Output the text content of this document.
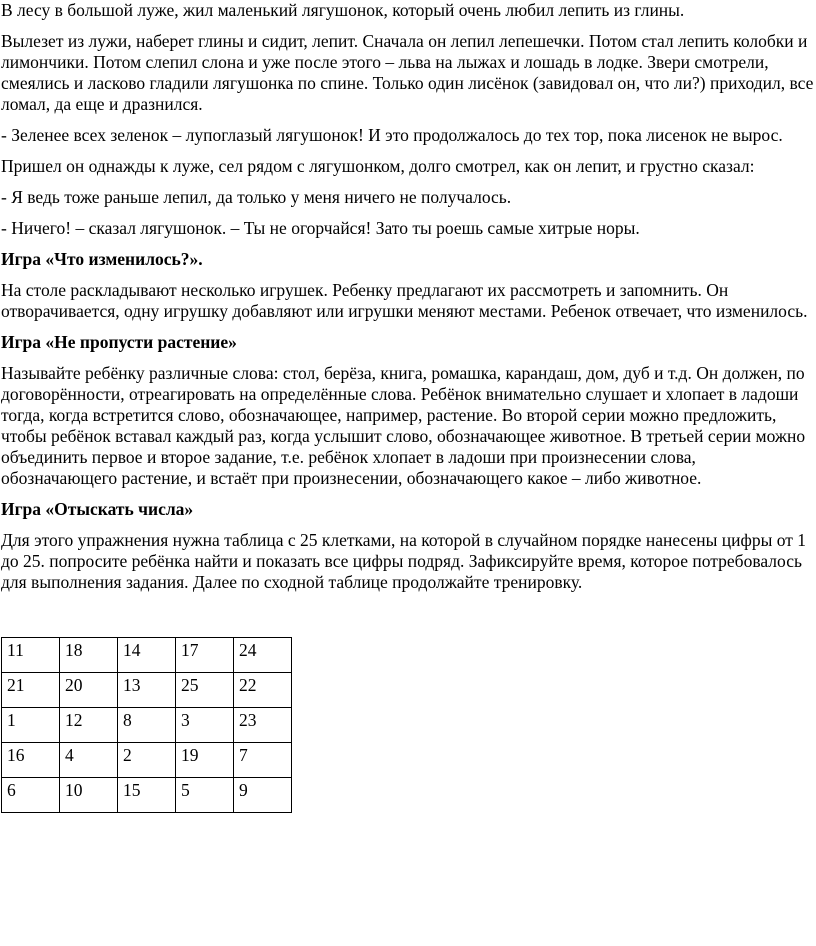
В лесу в большой луже, жил маленький лягушонок, который очень любил лепить из глины.

Вылезет из лужи, наберет глины и сидит, лепит. Сначала он лепил лепешечки. Потом стал лепить колобки и лимончики. Потом слепил слона и уже после этого – льва на лыжах и лошадь в лодке. Звери смотрели, смеялись и ласково гладили лягушонка по спине. Только один лисёнок (завидовал он, что ли?) приходил, все ломал, да еще и дразнился.

- Зеленее всех зеленок – лупоглазый лягушонок! И это продолжалось до тех тор, пока лисенок не вырос.

Пришел он однажды к луже, сел рядом с лягушонком, долго смотрел, как он лепит, и грустно сказал:

- Я ведь тоже раньше лепил, да только у меня ничего не получалось.

- Ничего! – сказал лягушонок. – Ты не огорчайся! Зато ты роешь самые хитрые норы.

Игра «Что изменилось?».

На столе раскладывают несколько игрушек. Ребенку предлагают их рассмотреть и запомнить. Он отворачивается, одну игрушку добавляют или игрушки меняют местами. Ребенок отвечает, что изменилось.

Игра «Не пропусти растение»

Называйте ребёнку различные слова: стол, берёза, книга, ромашка, карандаш, дом, дуб и т.д. Он должен, по договорённости, отреагировать на определённые слова. Ребёнок внимательно слушает и хлопает в ладоши тогда, когда встретится слово, обозначающее, например, растение. Во второй серии можно предложить, чтобы ребёнок вставал каждый раз, когда услышит слово, обозначающее животное. В третьей серии можно объединить первое и второе задание, т.е. ребёнок хлопает в ладоши при произнесении слова, обозначающего растение, и встаёт при произнесении, обозначающего какое – либо животное.

Игра «Отыскать числа»

Для этого упражнения нужна таблица с 25 клетками, на которой в случайном порядке нанесены цифры от 1 до 25. попросите ребёнка найти и показать все цифры подряд. Зафиксируйте время, которое потребовалось для выполнения задания. Далее по сходной таблице продолжайте тренировку.

11	18	14	17	24
21	20	13	25	22
1	12	8	3	23
16	4	2	19	7
6	10	15	5	9
